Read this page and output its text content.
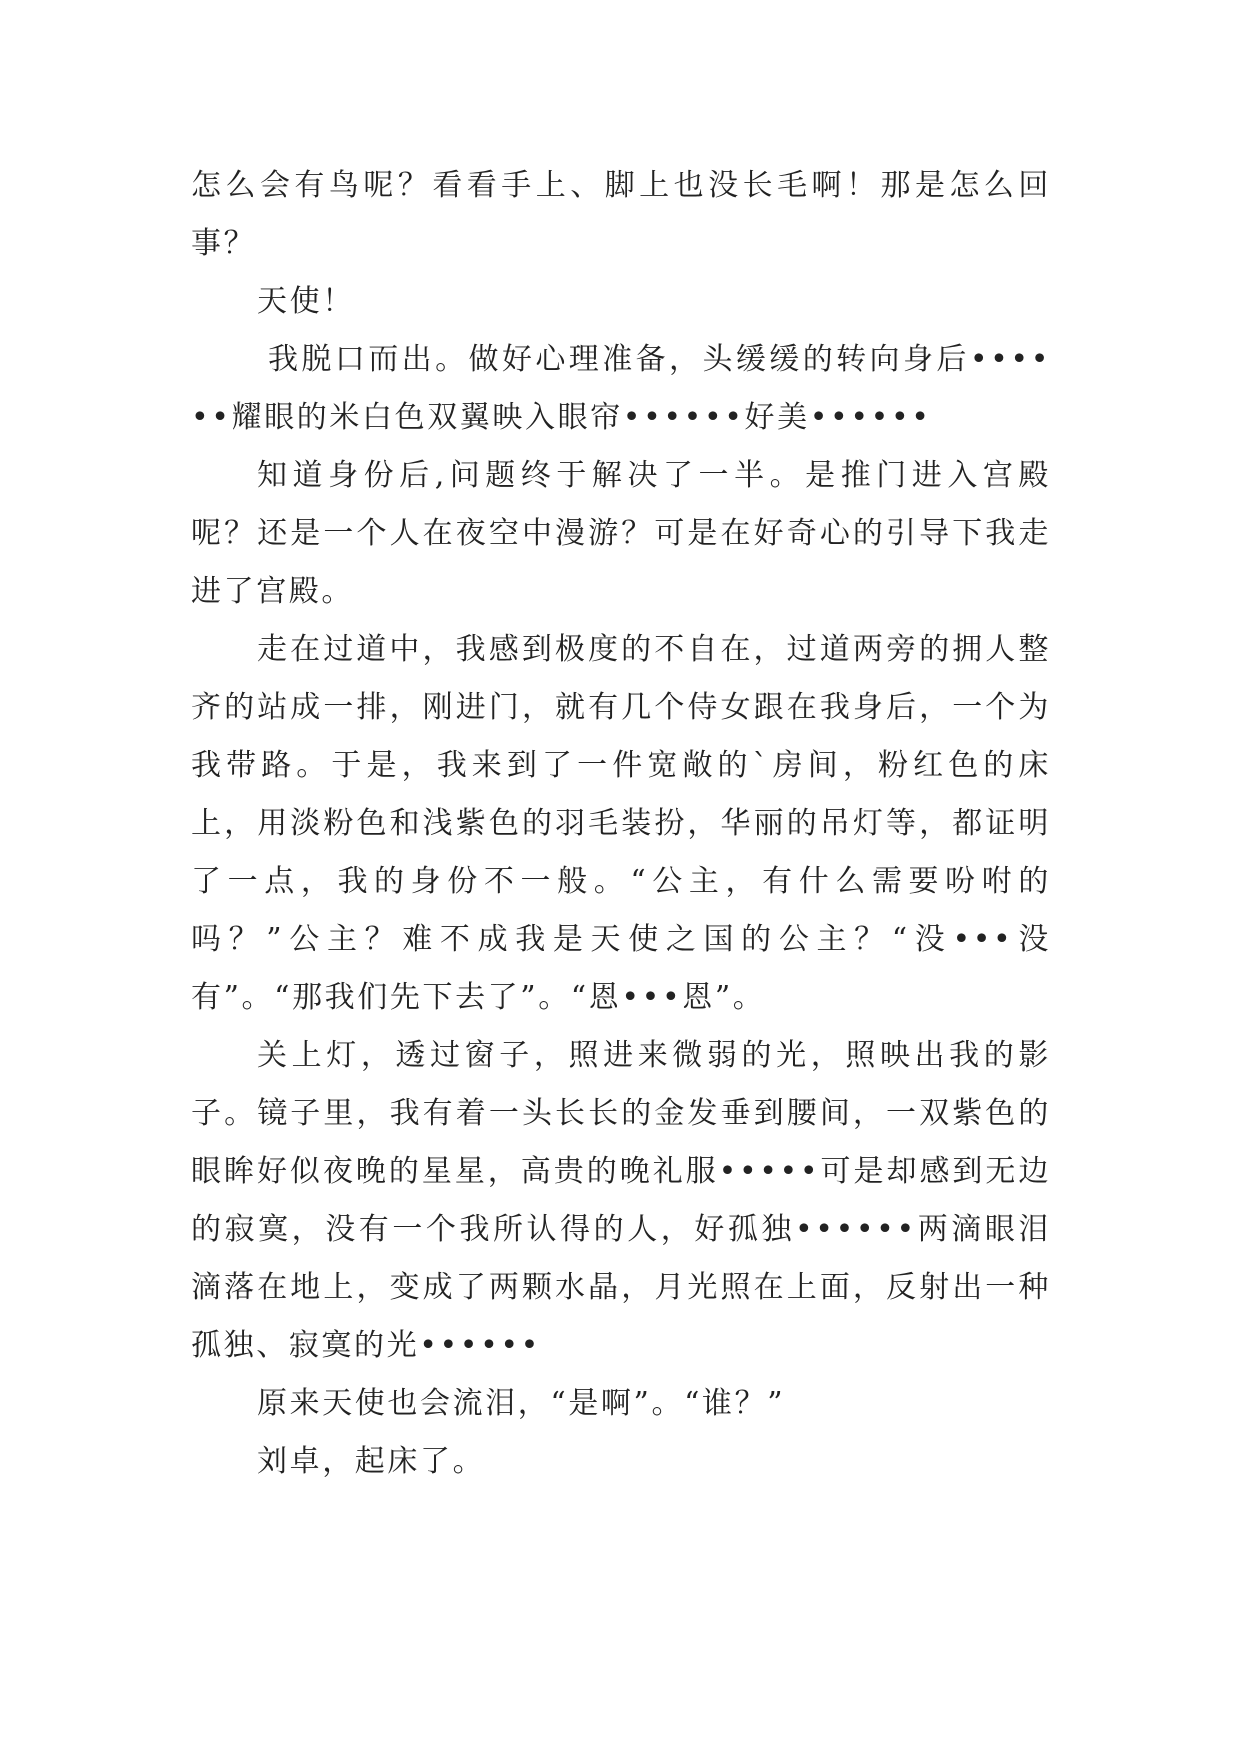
怎么会有鸟呢？看看手上、脚上也没长毛啊！那是怎么回事？

天使！

我脱口而出。做好心理准备，头缓缓的转向身后••••••耀眼的米白色双翼映入眼帘••••••好美••••••

知道身份后,问题终于解决了一半。是推门进入宫殿呢？还是一个人在夜空中漫游？可是在好奇心的引导下我走进了宫殿。

走在过道中，我感到极度的不自在，过道两旁的拥人整齐的站成一排，刚进门，就有几个侍女跟在我身后，一个为我带路。于是，我来到了一件宽敞的`房间，粉红色的床上，用淡粉色和浅紫色的羽毛装扮，华丽的吊灯等，都证明了一点，我的身份不一般。“公主，有什么需要吩咐的吗？”公主？难不成我是天使之国的公主？“没•••没有”。“那我们先下去了”。“恩•••恩”。

关上灯，透过窗子，照进来微弱的光，照映出我的影子。镜子里，我有着一头长长的金发垂到腰间，一双紫色的眼眸好似夜晚的星星，高贵的晚礼服•••••可是却感到无边的寂寞，没有一个我所认得的人，好孤独••••••两滴眼泪滴落在地上，变成了两颗水晶，月光照在上面，反射出一种孤独、寂寞的光••••••

原来天使也会流泪，“是啊”。“谁？”

刘卓，起床了。
